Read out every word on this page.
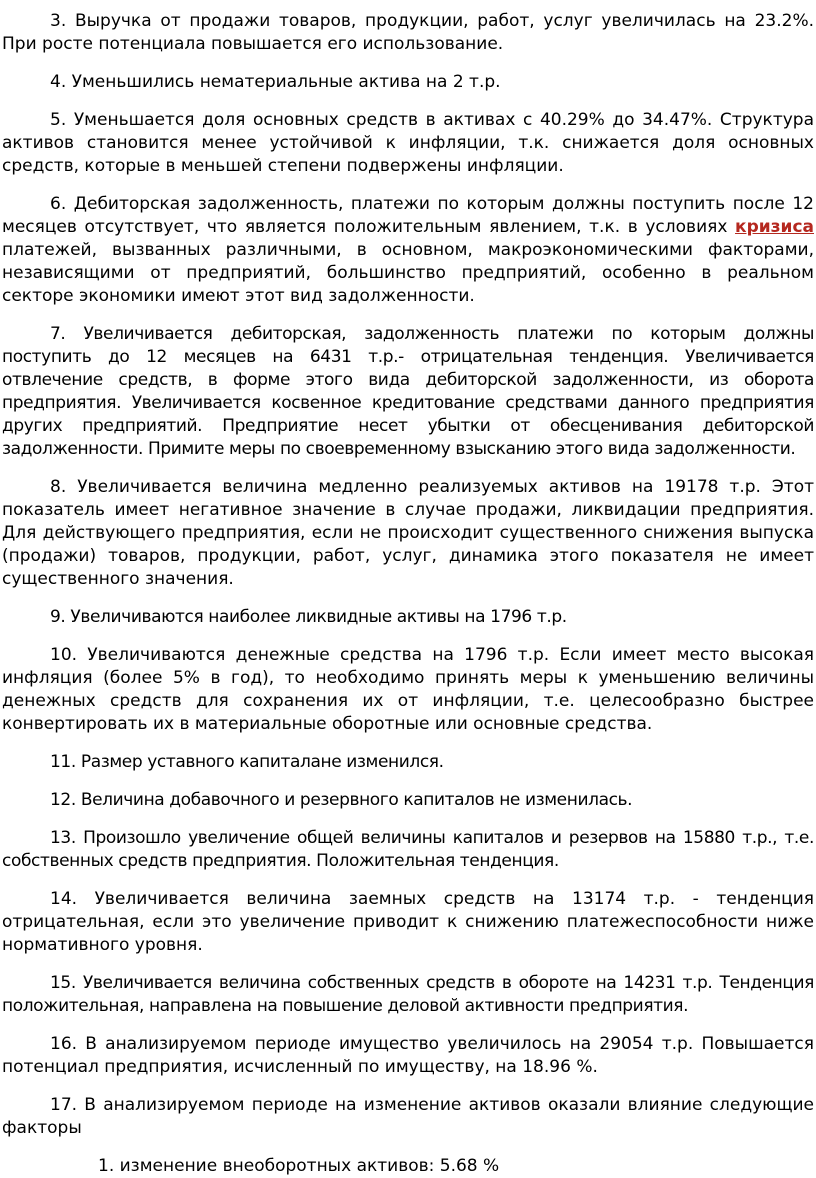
3. Выручка от продажи товаров, продукции, работ, услуг увеличилась на 23.2%. При росте потенциала повышается его использование.

4. Уменьшились нематериальные актива на 2 т.р.

5. Уменьшается доля основных средств в активах с 40.29% до 34.47%. Структура активов становится менее устойчивой к инфляции, т.к. снижается доля основных средств, которые в меньшей степени подвержены инфляции.

6. Дебиторская задолженность, платежи по которым должны поступить после 12 месяцев отсутствует, что является положительным явлением, т.к. в условиях кризиса платежей, вызванных различными, в основном, макроэкономическими факторами, независящими от предприятий, большинство предприятий, особенно в реальном секторе экономики имеют этот вид задолженности.

7. Увеличивается дебиторская, задолженность платежи по которым должны поступить до 12 месяцев на 6431 т.р.- отрицательная тенденция. Увеличивается отвлечение средств, в форме этого вида дебиторской задолженности, из оборота предприятия. Увеличивается косвенное кредитование средствами данного предприятия других предприятий. Предприятие несет убытки от обесценивания дебиторской задолженности. Примите меры по своевременному взысканию этого вида задолженности.

8. Увеличивается величина медленно реализуемых активов на 19178 т.р. Этот показатель имеет негативное значение в случае продажи, ликвидации предприятия. Для действующего предприятия, если не происходит существенного снижения выпуска (продажи) товаров, продукции, работ, услуг, динамика этого показателя не имеет существенного значения.

9. Увеличиваются наиболее ликвидные активы на 1796 т.р.

10. Увеличиваются денежные средства на 1796 т.р. Если имеет место высокая инфляция (более 5% в год), то необходимо принять меры к уменьшению величины денежных средств для сохранения их от инфляции, т.е. целесообразно быстрее конвертировать их в материальные оборотные или основные средства.

11. Размер уставного капиталане изменился.

12. Величина добавочного и резервного капиталов не изменилась.

13. Произошло увеличение общей величины капиталов и резервов на 15880 т.р., т.е. собственных средств предприятия. Положительная тенденция.

14. Увеличивается величина заемных средств на 13174 т.р. - тенденция отрицательная, если это увеличение приводит к снижению платежеспособности ниже нормативного уровня.

15. Увеличивается величина собственных средств в обороте на 14231 т.р. Тенденция положительная, направлена на повышение деловой активности предприятия.

16. В анализируемом периоде имущество увеличилось на 29054 т.р. Повышается потенциал предприятия, исчисленный по имуществу, на 18.96 %.

17. В анализируемом периоде на изменение активов оказали влияние следующие факторы

1. изменение внеоборотных активов: 5.68 %
